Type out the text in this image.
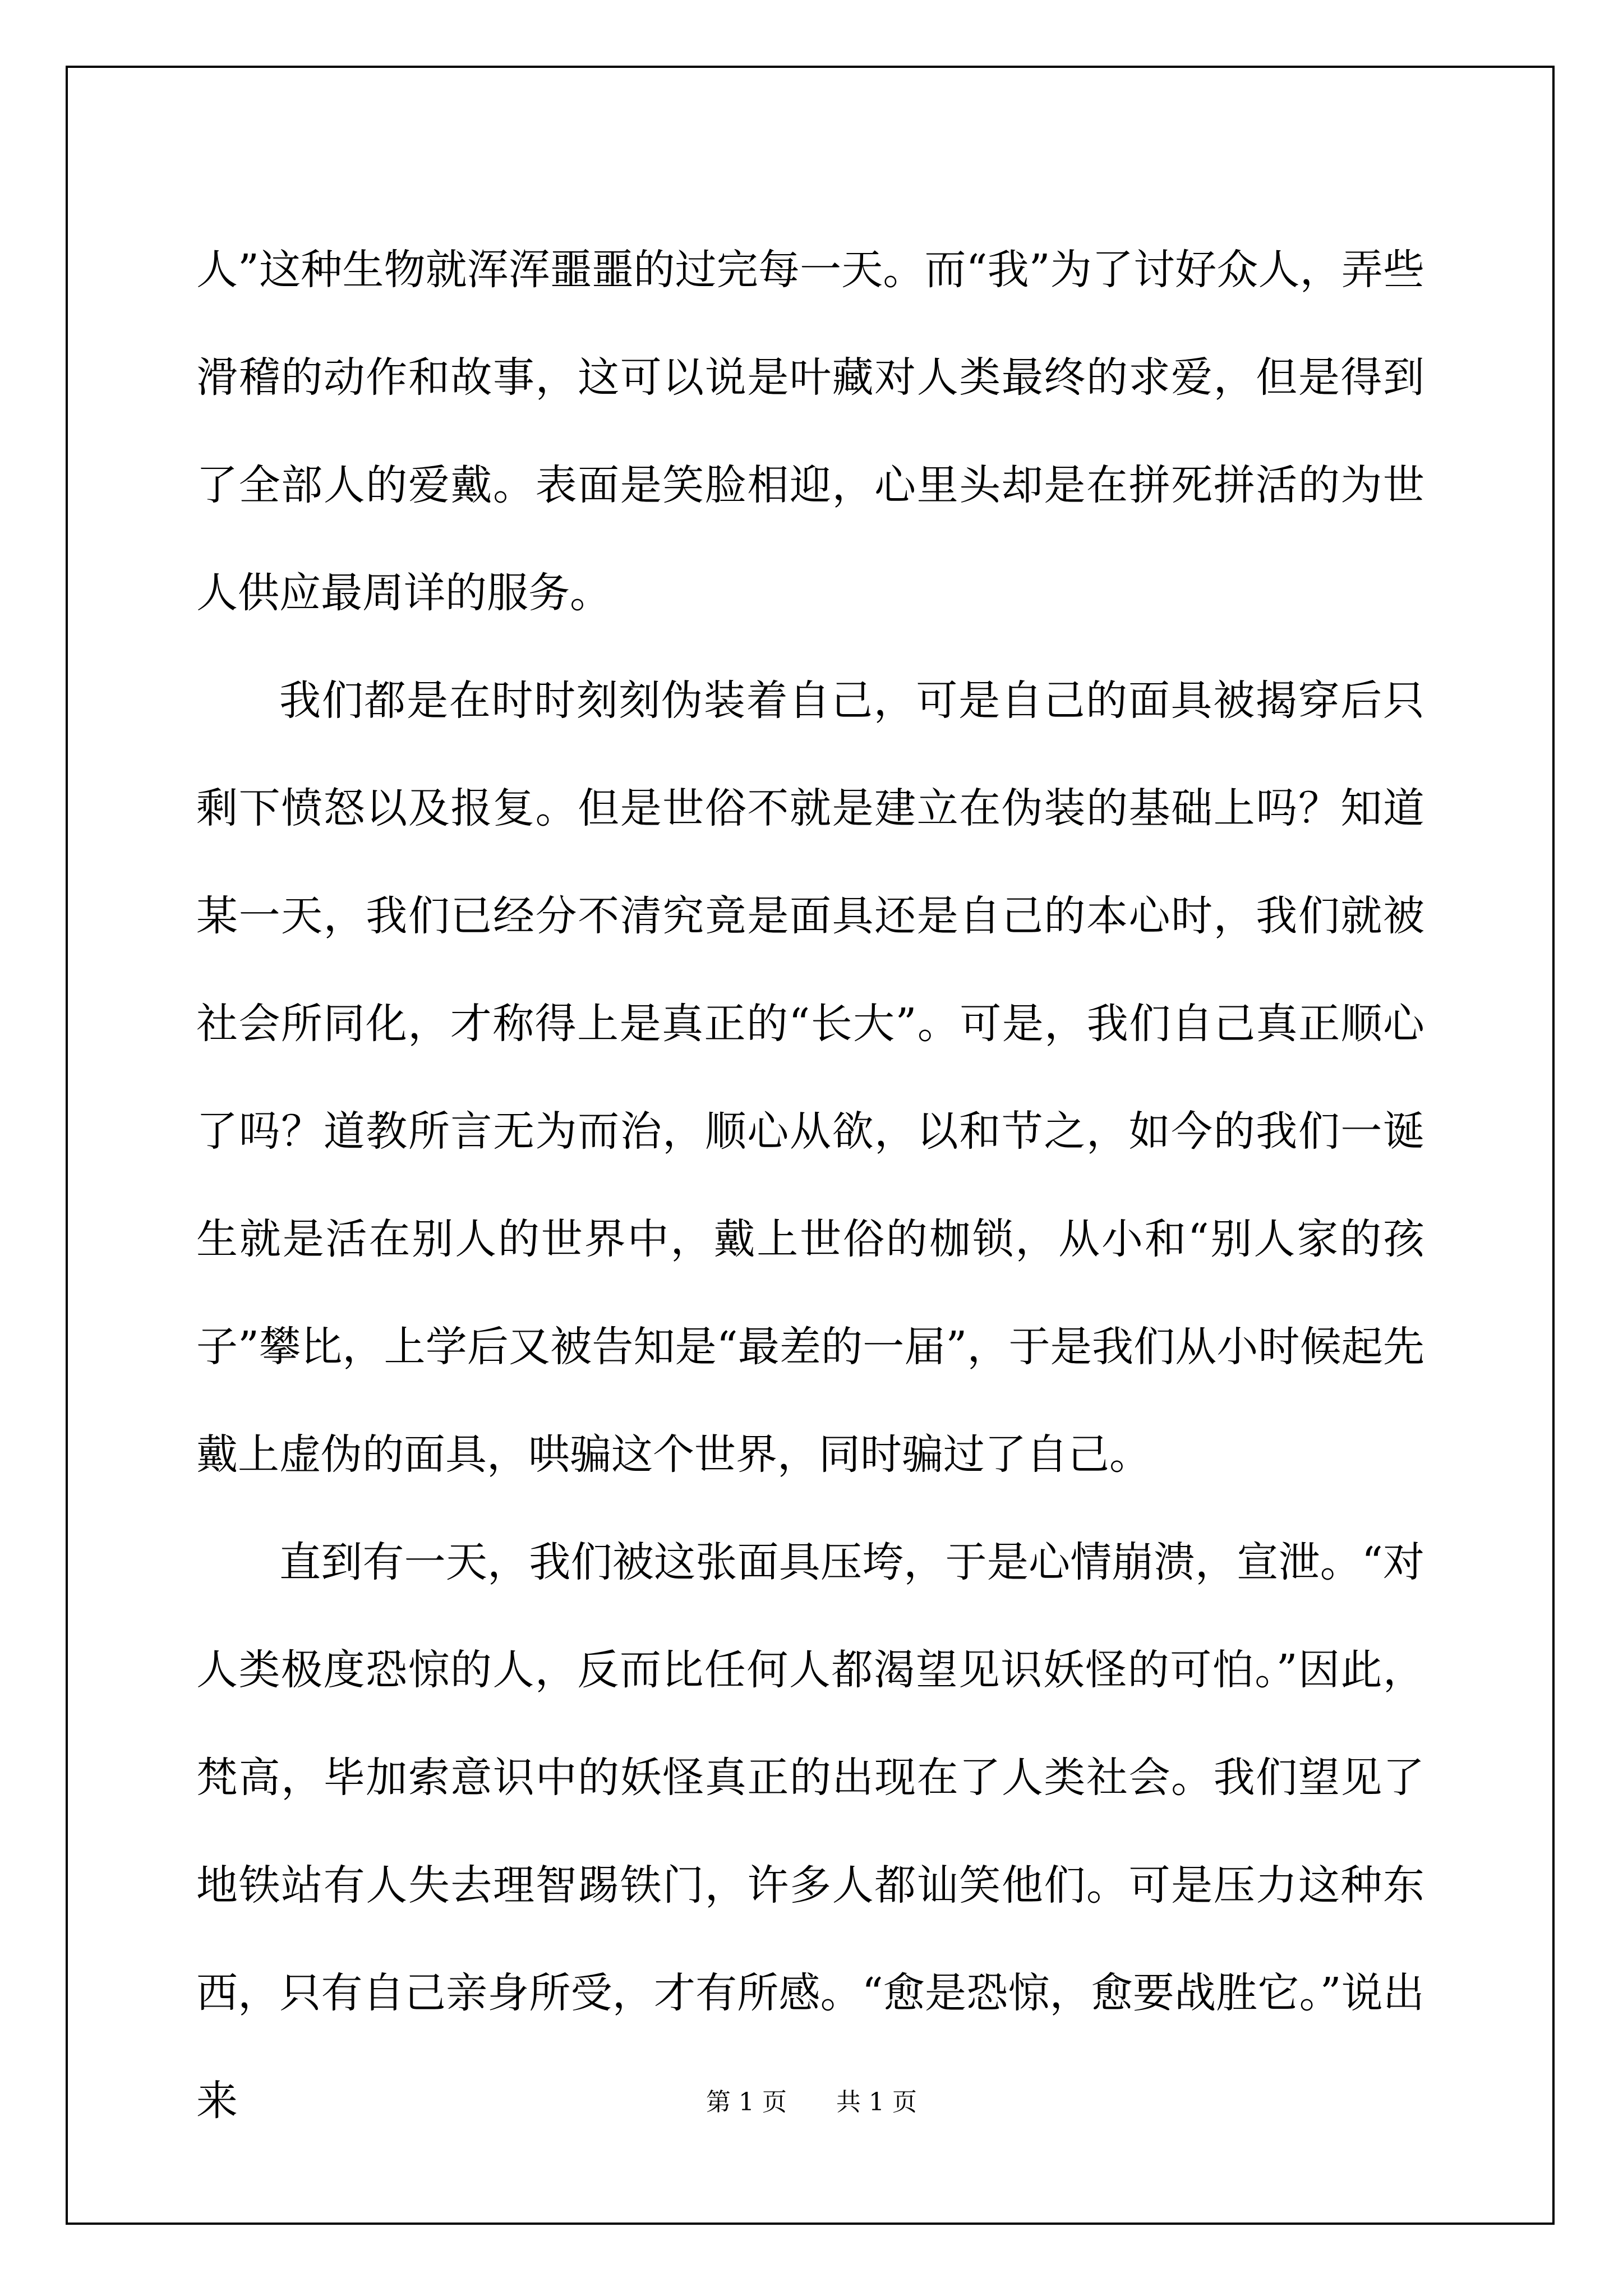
人”这种生物就浑浑噩噩的过完每一天。而“我”为了讨好众人，弄些滑稽的动作和故事，这可以说是叶藏对人类最终的求爱，但是得到了全部人的爱戴。表面是笑脸相迎，心里头却是在拼死拼活的为世人供应最周详的服务。

我们都是在时时刻刻伪装着自己，可是自己的面具被揭穿后只剩下愤怒以及报复。但是世俗不就是建立在伪装的基础上吗？知道某一天，我们已经分不清究竟是面具还是自己的本心时，我们就被社会所同化，才称得上是真正的“长大”。可是，我们自己真正顺心了吗？道教所言无为而治，顺心从欲，以和节之，如今的我们一诞生就是活在别人的世界中，戴上世俗的枷锁，从小和“别人家的孩子”攀比，上学后又被告知是“最差的一届”，于是我们从小时候起先戴上虚伪的面具，哄骗这个世界，同时骗过了自己。

直到有一天，我们被这张面具压垮，于是心情崩溃，宣泄。“对人类极度恐惊的人，反而比任何人都渴望见识妖怪的可怕。”因此，梵高，毕加索意识中的妖怪真正的出现在了人类社会。我们望见了地铁站有人失去理智踢铁门，许多人都讪笑他们。可是压力这种东西，只有自己亲身所受，才有所感。“愈是恐惊，愈要战胜它。”说出来	第 1 页 共 1 页
